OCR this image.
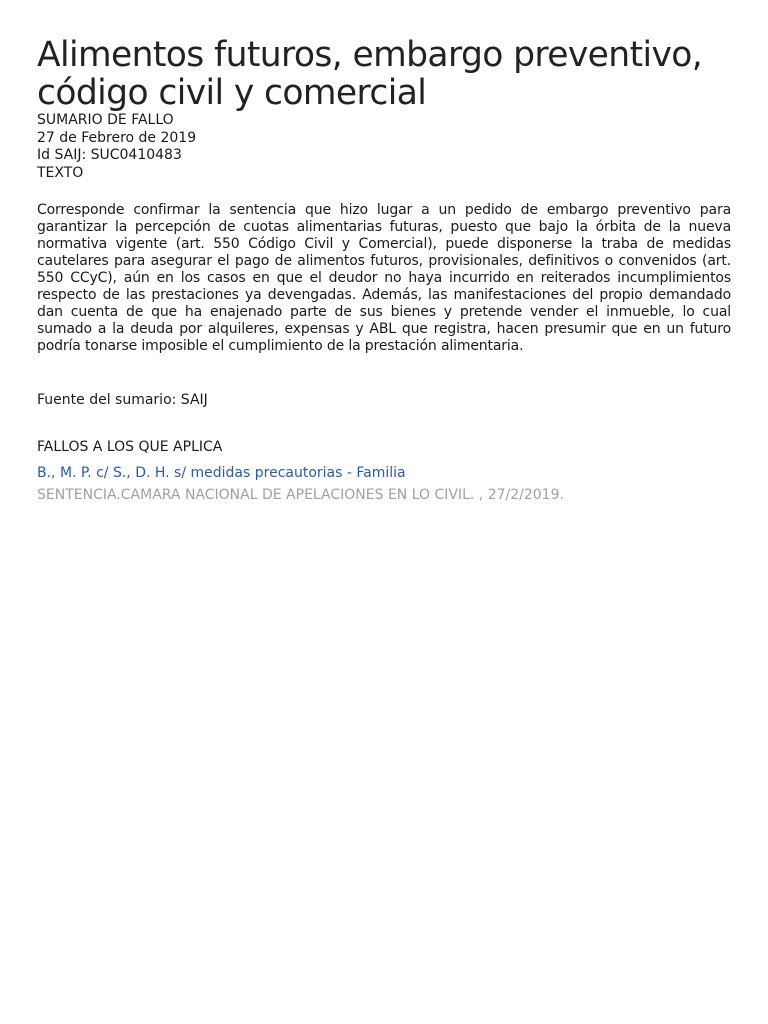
Alimentos futuros, embargo preventivo, código civil y comercial
SUMARIO DE FALLO
27 de Febrero de 2019
Id SAIJ: SUC0410483
TEXTO
Corresponde confirmar la sentencia que hizo lugar a un pedido de embargo preventivo para garantizar la percepción de cuotas alimentarias futuras, puesto que bajo la órbita de la nueva normativa vigente (art. 550 Código Civil y Comercial), puede disponerse la traba de medidas cautelares para asegurar el pago de alimentos futuros, provisionales, definitivos o convenidos (art. 550 CCyC), aún en los casos en que el deudor no haya incurrido en reiterados incumplimientos respecto de las prestaciones ya devengadas. Además, las manifestaciones del propio demandado dan cuenta de que ha enajenado parte de sus bienes y pretende vender el inmueble, lo cual sumado a la deuda por alquileres, expensas y ABL que registra, hacen presumir que en un futuro podría tonarse imposible el cumplimiento de la prestación alimentaria.
Fuente del sumario: SAIJ
FALLOS A LOS QUE APLICA
B., M. P. c/ S., D. H. s/ medidas precautorias - Familia
SENTENCIA.CAMARA NACIONAL DE APELACIONES EN LO CIVIL. , 27/2/2019.
